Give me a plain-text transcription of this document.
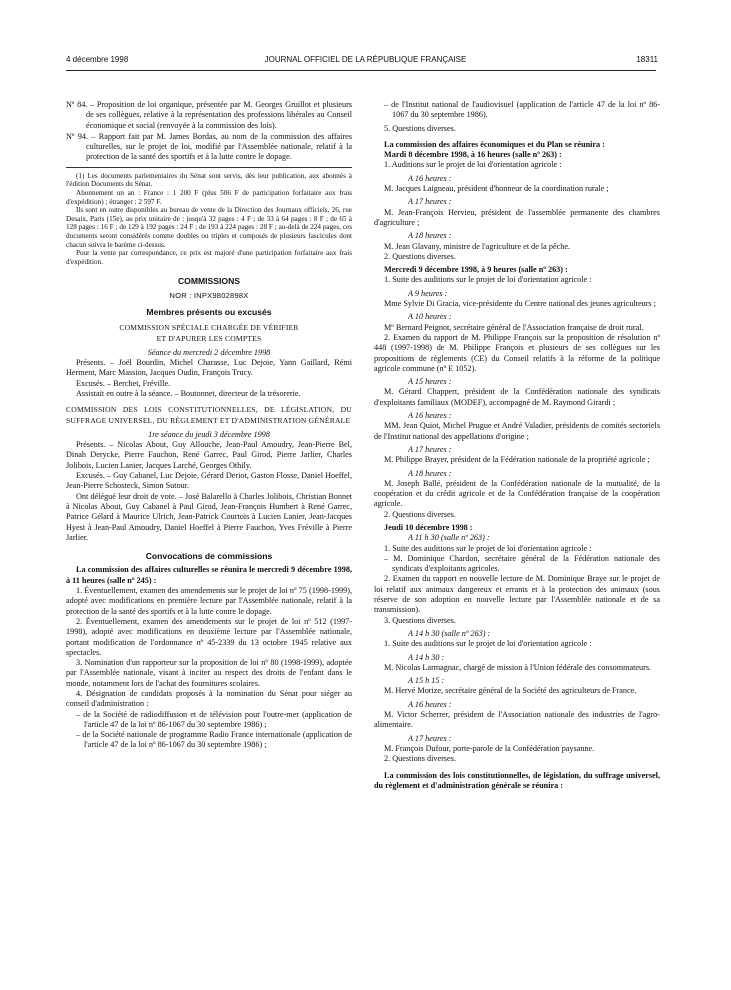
4 décembre 1998	JOURNAL OFFICIEL DE LA RÉPUBLIQUE FRANÇAISE	18311

Nº 84. – Proposition de loi organique, présentée par M. Georges Gruillot et plusieurs de ses collègues, relative à la représentation des professions libérales au Conseil économique et social (renvoyée à la commission des lois).

Nº 94. – Rapport fait par M. James Bordas, au nom de la commission des affaires culturelles, sur le projet de loi, modifié par l'Assemblée nationale, relatif à la protection de la santé des sportifs et à la lutte contre le dopage.

(1) Les documents parlementaires du Sénat sont servis, dès leur publication, aux abonnés à l'édition Documents du Sénat.

Abonnement un an : France : 1 200 F (plus 506 F de participation forfaitaire aux frais d'expédition) ; étranger : 2 597 F.

Ils sont en outre disponibles au bureau de vente de la Direction des Journaux officiels, 26, rue Desaix, Paris (15e), au prix unitaire de : jusqu'à 32 pages : 4 F ; de 33 à 64 pages : 8 F ; de 65 à 128 pages : 16 F ; de 129 à 192 pages : 24 F ; de 193 à 224 pages : 28 F ; au-delà de 224 pages, ces documents seront considérés comme doubles ou triples et composés de plusieurs fascicules dont chacun suivra le barème ci-dessus.

Pour la vente par correspondance, ce prix est majoré d'une participation forfaitaire aux frais d'expédition.

COMMISSIONS

NOR : INPX9802898X

Membres présents ou excusés

COMMISSION SPÉCIALE CHARGÉE DE VÉRIFIER ET D'APURER LES COMPTES

Séance du mercredi 2 décembre 1998

Présents. – Joël Bourdin, Michel Charasse, Luc Dejoie, Yann Gaillard, Rémi Herment, Marc Massion, Jacques Oudin, François Trucy.

Excusés. – Berchet, Fréville.

Assistait en outre à la séance. – Boutonnet, directeur de la trésorerie.

COMMISSION DES LOIS CONSTITUTIONNELLES, DE LÉGISLATION, DU SUFFRAGE UNIVERSEL, DU RÈGLEMENT ET D'ADMINISTRATION GÉNÉRALE

1re séance du jeudi 3 décembre 1998

Présents. – Nicolas About, Guy Allouche, Jean-Paul Amoudry, Jean-Pierre Bel, Dinah Derycke, Pierre Fauchon, René Garrec, Paul Girod, Pierre Jarlier, Charles Jolibois, Lucien Lanier, Jacques Larché, Georges Othily.

Excusés. – Guy Cabanel, Luc Dejoie, Gérard Deriot, Gaston Flosse, Daniel Hoeffel, Jean-Pierre Schosteck, Simon Sutour.

Ont délégué leur droit de vote. – José Balarello à Charles Jolibois, Christian Bonnet à Nicolas About, Guy Cabanel à Paul Girod, Jean-François Humbert à René Garrec, Patrice Gélard à Maurice Ulrich, Jean-Patrick Courtois à Lucien Lanier, Jean-Jacques Hyest à Jean-Paul Amoudry, Daniel Hoeffel à Pierre Fauchon, Yves Fréville à Pierre Jarlier.

Convocations de commissions

La commission des affaires culturelles se réunira le mercredi 9 décembre 1998, à 11 heures (salle nº 245) :

1. Éventuellement, examen des amendements sur le projet de loi nº 75 (1998-1999), adopté avec modifications en première lecture par l'Assemblée nationale, relatif à la protection de la santé des sportifs et à la lutte contre le dopage.

2. Éventuellement, examen des amendements sur le projet de loi nº 512 (1997-1998), adopté avec modifications en deuxième lecture par l'Assemblée nationale, portant modification de l'ordonnance nº 45-2339 du 13 octobre 1945 relative aux spectacles.

3. Nomination d'un rapporteur sur la proposition de loi nº 80 (1998-1999), adoptée par l'Assemblée nationale, visant à inciter au respect des droits de l'enfant dans le monde, notamment lors de l'achat des fournitures scolaires.

4. Désignation de candidats proposés à la nomination du Sénat pour siéger au conseil d'administration :

– de la Société de radiodiffusion et de télévision pour l'outre-mer (application de l'article 47 de la loi nº 86-1067 du 30 septembre 1986) ;

– de la Société nationale de programme Radio France internationale (application de l'article 47 de la loi nº 86-1067 du 30 septembre 1986) ;

– de l'Institut national de l'audiovisuel (application de l'article 47 de la loi nº 86-1067 du 30 septembre 1986).

5. Questions diverses.

La commission des affaires économiques et du Plan se réunira :

Mardi 8 décembre 1998, à 16 heures (salle nº 263) :

1. Auditions sur le projet de loi d'orientation agricole :

A 16 heures :

M. Jacques Laigneau, président d'honneur de la coordination rurale ;

A 17 heures :

M. Jean-François Hervieu, président de l'assemblée permanente des chambres d'agriculture ;

A 18 heures :

M. Jean Glavany, ministre de l'agriculture et de la pêche.

2. Questions diverses.

Mercredi 9 décembre 1998, à 9 heures (salle nº 263) :

1. Suite des auditions sur le projet de loi d'orientation agricole :

A 9 heures :

Mme Sylvie Di Gracia, vice-présidente du Centre national des jeunes agriculteurs ;

A 10 heures :

Mº Bernard Peignot, secrétaire général de l'Association française de droit rural.

2. Examen du rapport de M. Philippe François sur la proposition de résolution nº 448 (1997-1998) de M. Philippe François et plusieurs de ses collègues sur les propositions de règlements (CE) du Conseil relatifs à la réforme de la politique agricole commune (nº E 1052).

A 15 heures :

M. Gérard Chappert, président de la Confédération nationale des syndicats d'exploitants familiaux (MODEF), accompagné de M. Raymond Girardi ;

A 16 heures :

MM. Jean Quiot, Michel Prugue et André Valadier, présidents de comités sectoriels de l'Institut national des appellations d'origine ;

A 17 heures :

M. Philippe Brayer, président de la Fédération nationale de la propriété agricole ;

A 18 heures :

M. Joseph Ballé, président de la Confédération nationale de la mutualité, de la coopération et du crédit agricole et de la Confédération française de la coopération agricole.

2. Questions diverses.

Jeudi 10 décembre 1998 :

A 11 h 30 (salle nº 263) :

1. Suite des auditions sur le projet de loi d'orientation agricole :

– M. Dominique Chardon, secrétaire général de la Fédération nationale des syndicats d'exploitants agricoles.

2. Examen du rapport en nouvelle lecture de M. Dominique Braye sur le projet de loi relatif aux animaux dangereux et errants et à la protection des animaux (sous réserve de son adoption en nouvelle lecture par l'Assemblée nationale et de sa transmission).

3. Questions diverses.

A 14 h 30 (salle nº 263) :

1. Suite des auditions sur le projet de loi d'orientation agricole :

A 14 h 30 :

M. Nicolas Larmagnac, chargé de mission à l'Union fédérale des consommateurs.

A 15 h 15 :

M. Hervé Morize, secrétaire général de la Société des agriculteurs de France.

A 16 heures :

M. Victor Scherrer, président de l'Association nationale des industries de l'agro-alimentaire.

A 17 heures :

M. François Dufour, porte-parole de la Confédération paysanne.

2. Questions diverses.

La commission des lois constitutionnelles, de législation, du suffrage universel, du règlement et d'administration générale se réunira :
